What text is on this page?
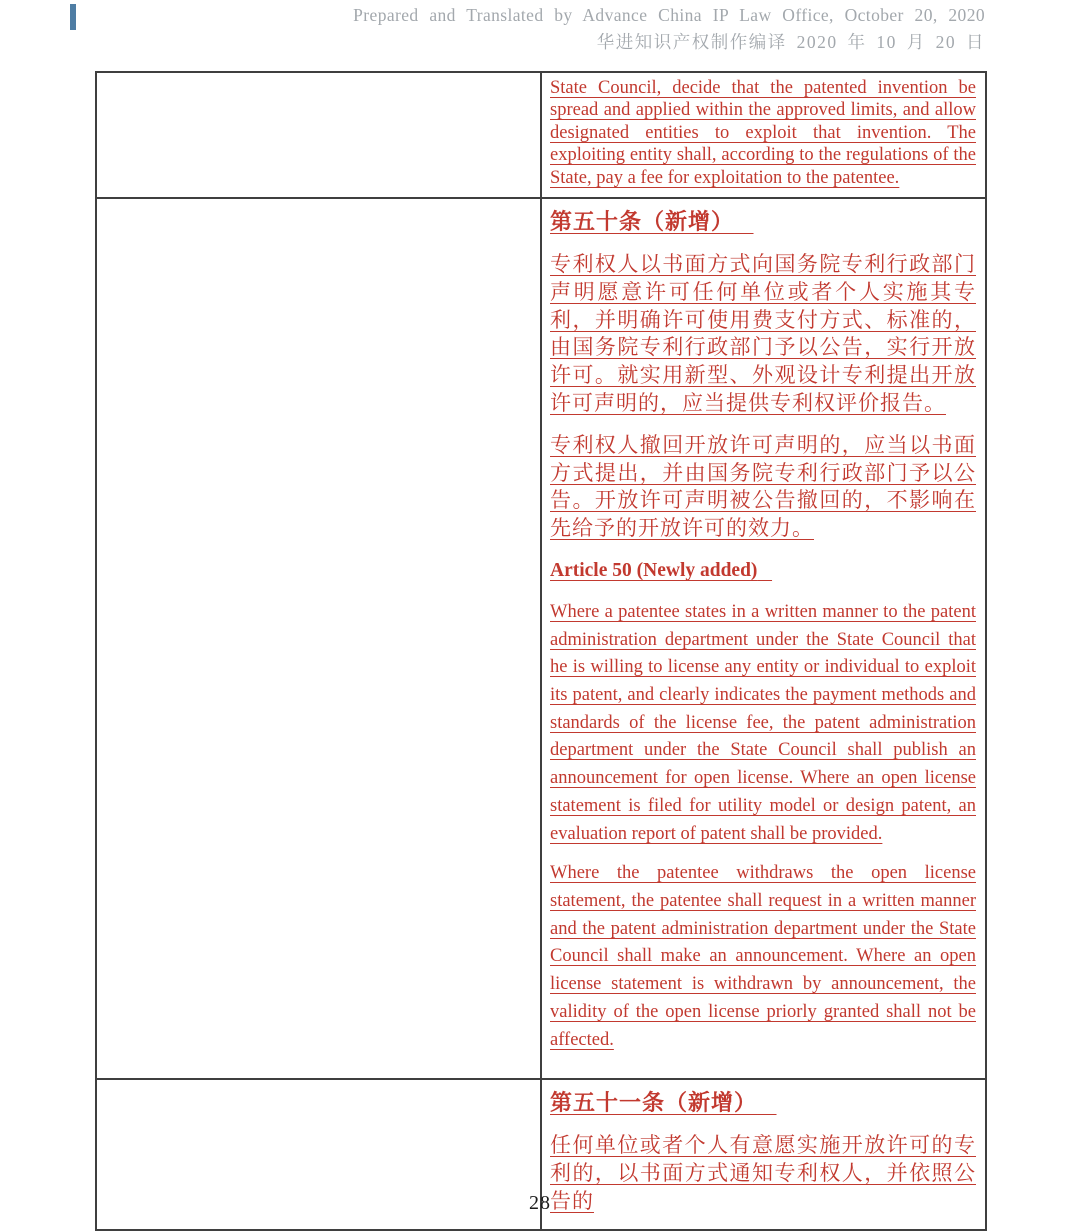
Prepared and Translated by Advance China IP Law Office, October 20, 2020
华进知识产权制作编译 2020 年 10 月 20 日

	State Council, decide that the patented invention be spread and applied within the approved limits, and allow designated entities to exploit that invention. The exploiting entity shall, according to the regulations of the State, pay a fee for exploitation to the patentee.

第五十条（新增）

专利权人以书面方式向国务院专利行政部门声明愿意许可任何单位或者个人实施其专利，并明确许可使用费支付方式、标准的，由国务院专利行政部门予以公告，实行开放许可。就实用新型、外观设计专利提出开放许可声明的，应当提供专利权评价报告。

专利权人撤回开放许可声明的，应当以书面方式提出，并由国务院专利行政部门予以公告。开放许可声明被公告撤回的，不影响在先给予的开放许可的效力。

Article 50 (Newly added)

Where a patentee states in a written manner to the patent administration department under the State Council that he is willing to license any entity or individual to exploit its patent, and clearly indicates the payment methods and standards of the license fee, the patent administration department under the State Council shall publish an announcement for open license. Where an open license statement is filed for utility model or design patent, an evaluation report of patent shall be provided.

Where the patentee withdraws the open license statement, the patentee shall request in a written manner and the patent administration department under the State Council shall make an announcement. Where an open license statement is withdrawn by announcement, the validity of the open license priorly granted shall not be affected.

第五十一条（新增）

任何单位或者个人有意愿实施开放许可的专利的，以书面方式通知专利权人，并依照公告的

28
